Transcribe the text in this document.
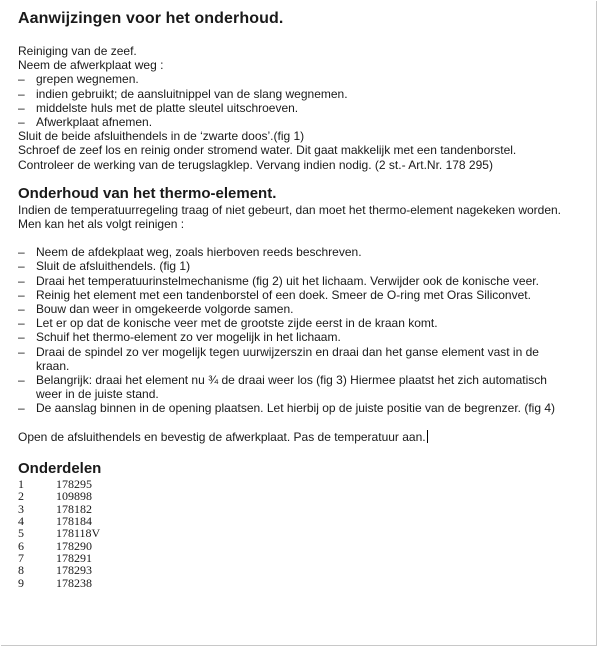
Aanwijzingen voor het onderhoud.
Reiniging van de zeef.
Neem de afwerkplaat weg :
– grepen wegnemen.
– indien gebruikt; de aansluitnippel van de slang wegnemen.
– middelste huls met de platte sleutel uitschroeven.
– Afwerkplaat afnemen.
Sluit de beide afsluithendels in de ‘zwarte doos’.(fig 1)
Schroef de zeef los en reinig onder stromend water. Dit gaat makkelijk met een tandenborstel.
Controleer de werking van de terugslagklep. Vervang indien nodig. (2 st.- Art.Nr. 178 295)
Onderhoud van het thermo-element.
Indien de temperatuurregeling traag of niet gebeurt, dan moet het thermo-element nagekeken worden.
Men kan het als volgt reinigen :
– Neem de afdekplaat weg, zoals hierboven reeds beschreven.
– Sluit de afsluithendels. (fig 1)
– Draai het temperatuurinstelmechanisme (fig 2) uit het lichaam. Verwijder ook de konische veer.
– Reinig het element met een tandenborstel of een doek. Smeer de O-ring met Oras Siliconvet.
– Bouw dan weer in omgekeerde volgorde samen.
– Let er op dat de konische veer met de grootste zijde eerst in de kraan komt.
– Schuif het thermo-element zo ver mogelijk in het lichaam.
– Draai de spindel zo ver mogelijk tegen uurwijzerszin en draai dan het ganse element vast in de kraan.
– Belangrijk: draai het element nu ¾ de draai weer los (fig 3) Hiermee plaatst het zich automatisch weer in de juiste stand.
– De aanslag binnen in de opening plaatsen. Let hierbij op de juiste positie van de begrenzer. (fig 4)
Open de afsluithendels en bevestig de afwerkplaat. Pas de temperatuur aan.
Onderdelen
1	178295
2	109898
3	178182
4	178184
5	178118V
6	178290
7	178291
8	178293
9	178238
